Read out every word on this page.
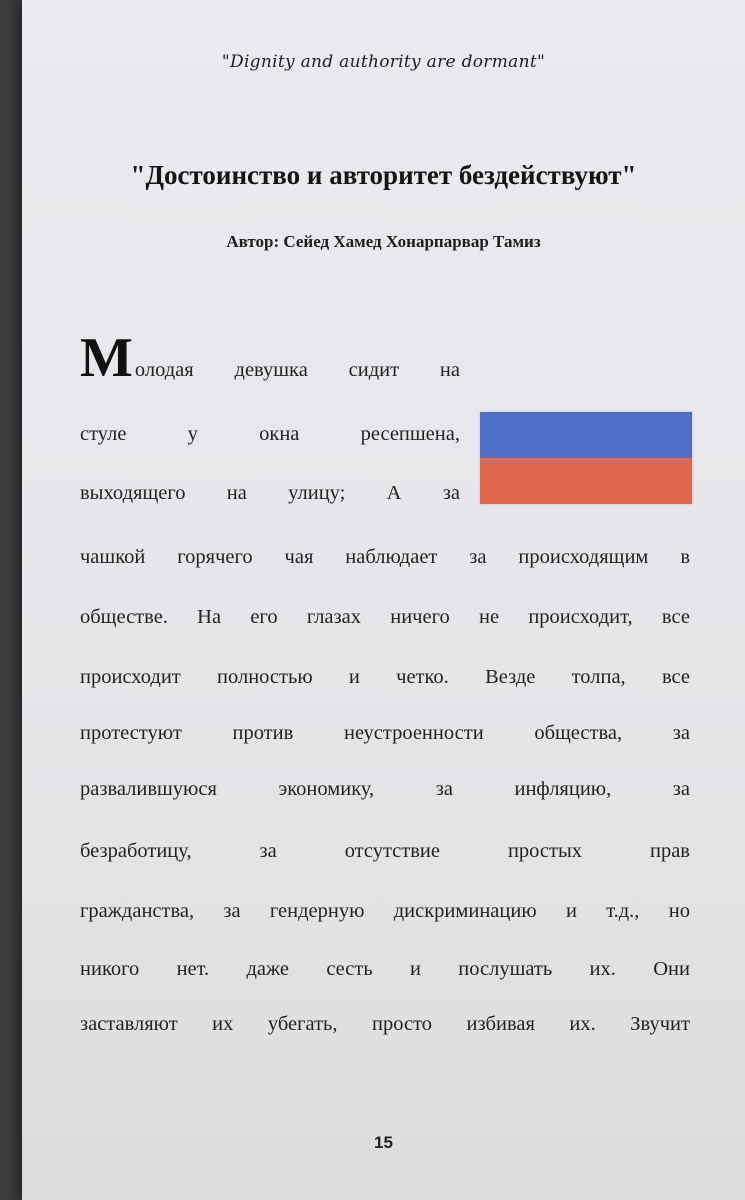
"Dignity and authority are dormant"
"Достоинство и авторитет бездействуют"
Автор: Сейед Хамед Хонарпарвар Тамиз
М олодая девушка сидит на
стуле	у	окна	ресепшена,
выходящего на улицу; А за
чашкой горячего чая наблюдает за происходящим в
обществе. На его глазах ничего не происходит, все
происходит полностью и четко. Везде толпа, все
протестуют против неустроенности общества, за
развалившуюся	экономику,	за	инфляцию,	за
безработицу,	за	отсутствие	простых	прав
гражданства, за гендерную дискриминацию и т.д., но
никого нет. даже сесть и послушать их. Они
заставляют их убегать, просто избивая их. Звучит
15
